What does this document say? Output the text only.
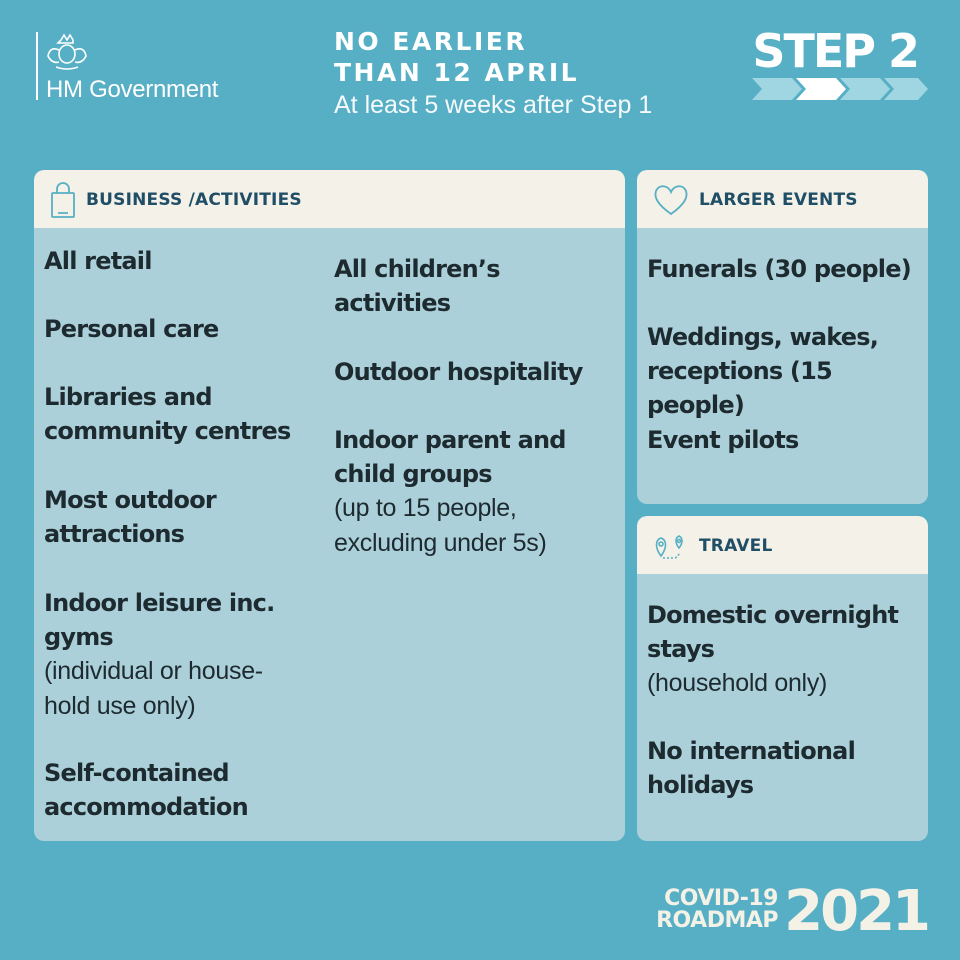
HM Government
NO EARLIER
THAN 12 APRIL
At least 5 weeks after Step 1
STEP 2
BUSINESS /ACTIVITIES
All retail
Personal care
Libraries and
community centres
Most outdoor
attractions
Indoor leisure inc.
gyms
(individual or house-
hold use only)
Self-contained
accommodation
All children’s
activities
Outdoor hospitality
Indoor parent and
child groups
(up to 15 people,
excluding under 5s)
LARGER EVENTS
Funerals (30 people)
Weddings, wakes,
receptions (15 people)
Event pilots
TRAVEL
Domestic overnight
stays
(household only)
No international
holidays
COVID-19
ROADMAP 2021
